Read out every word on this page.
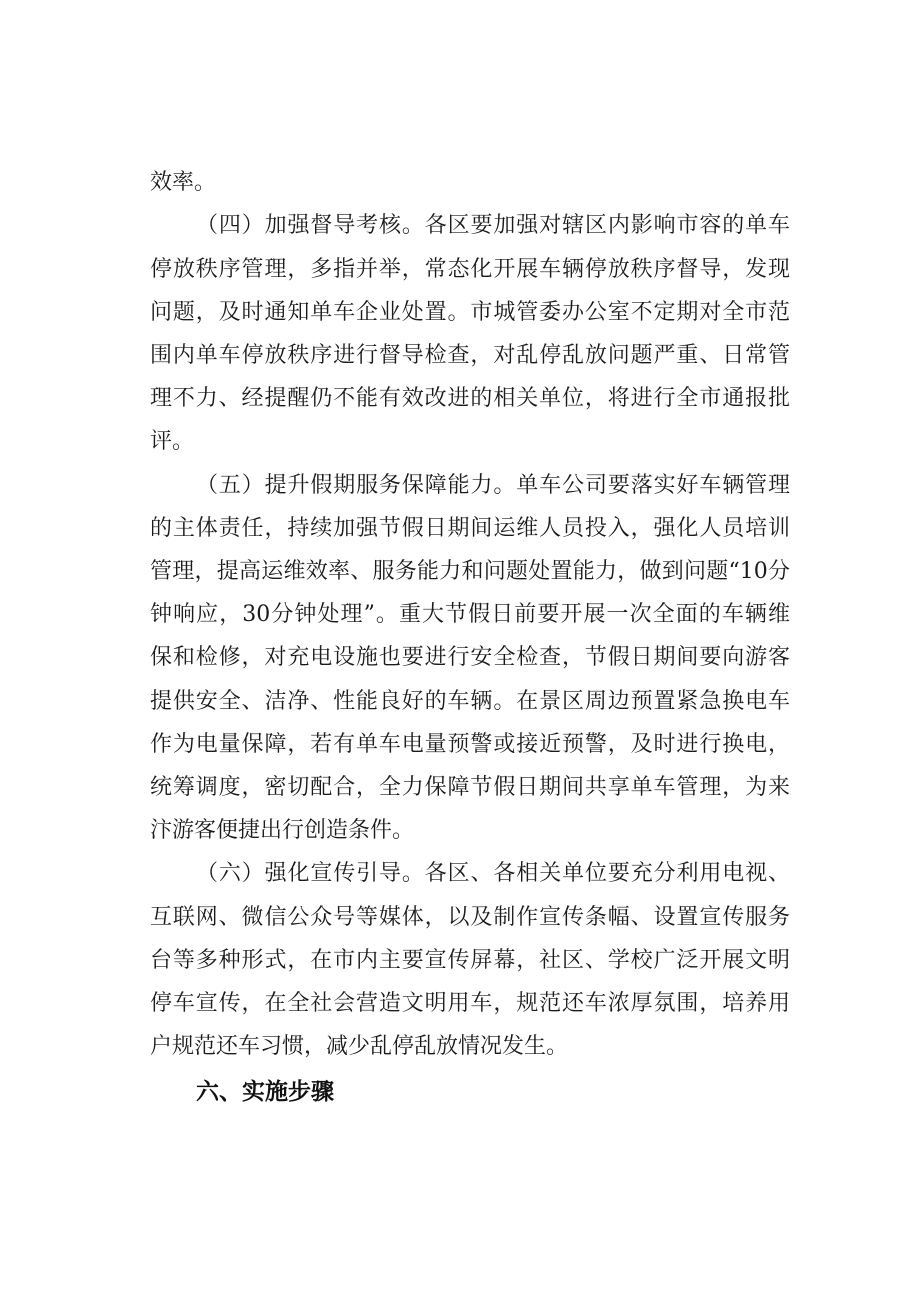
效率。

（四）加强督导考核。各区要加强对辖区内影响市容的单车

停放秩序管理，多指并举，常态化开展车辆停放秩序督导，发现

问题，及时通知单车企业处置。市城管委办公室不定期对全市范

围内单车停放秩序进行督导检查，对乱停乱放问题严重、日常管

理不力、经提醒仍不能有效改进的相关单位，将进行全市通报批

评。

（五）提升假期服务保障能力。单车公司要落实好车辆管理

的主体责任，持续加强节假日期间运维人员投入，强化人员培训

管理，提高运维效率、服务能力和问题处置能力，做到问题“10分

钟响应，30分钟处理”。重大节假日前要开展一次全面的车辆维

保和检修，对充电设施也要进行安全检查，节假日期间要向游客

提供安全、洁净、性能良好的车辆。在景区周边预置紧急换电车

作为电量保障，若有单车电量预警或接近预警，及时进行换电，

统筹调度，密切配合，全力保障节假日期间共享单车管理，为来

汴游客便捷出行创造条件。

（六）强化宣传引导。各区、各相关单位要充分利用电视、

互联网、微信公众号等媒体，以及制作宣传条幅、设置宣传服务

台等多种形式，在市内主要宣传屏幕，社区、学校广泛开展文明

停车宣传，在全社会营造文明用车，规范还车浓厚氛围，培养用

户规范还车习惯，减少乱停乱放情况发生。

六、实施步骤
